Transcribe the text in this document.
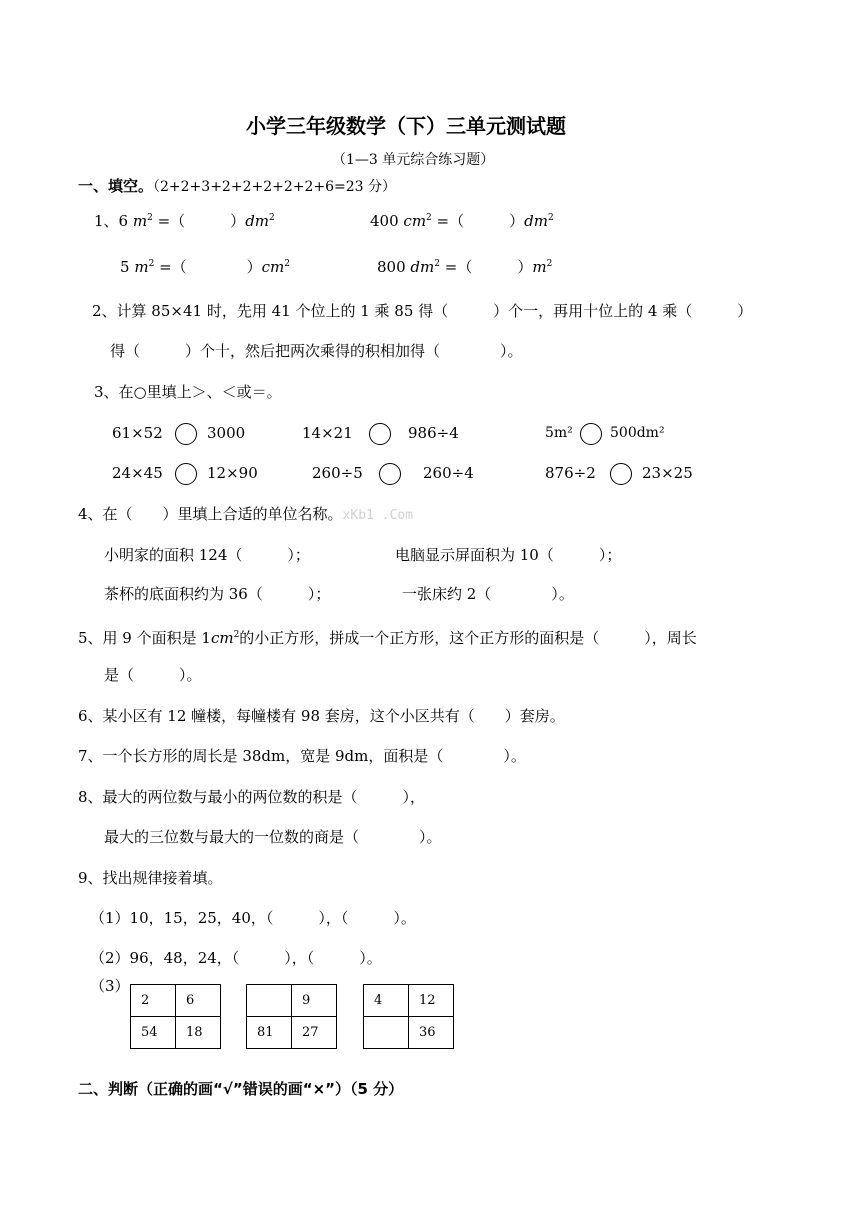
小学三年级数学（下）三单元测试题
（1—3 单元综合练习题）
一、填空。（2+2+3+2+2+2+2+2+6=23 分）
1、6 $m^2$ =（　　　）$dm^2$	400 $cm^2$ =（　　　）$dm^2$
5 $m^2$ =（　　　　）$cm^2$	800 $dm^2$ =（　　　）$m^2$
2、计算 85×41 时，先用 41 个位上的 1 乘 85 得（　　　）个一，再用十位上的 4 乘（　　　）
得（　　　）个十，然后把两次乘得的积相加得（　　　　）。
3、在○里填上＞、＜或＝。
61×52	3000	14×21	986÷4	5m²	500dm²
24×45	12×90	260÷5	260÷4	876÷2	23×25
4、在（　　）里填上合适的单位名称。xKb1 .Com
小明家的面积 124（　　　）；	电脑显示屏面积为 10（　　　）；
茶杯的底面积约为 36（　　　）；	一张床约 2（　　　　）。
5、用 9 个面积是 $1cm^2$的小正方形，拼成一个正方形，这个正方形的面积是（　　　），周长
是（　　　）。
6、某小区有 12 幢楼，每幢楼有 98 套房，这个小区共有（　　）套房。
7、一个长方形的周长是 38dm，宽是 9dm，面积是（　　　　）。
8、最大的两位数与最小的两位数的积是（　　　），
最大的三位数与最大的一位数的商是（　　　　）。
9、找出规律接着填。
（1）10，15，25，40，（　　　），（　　　）。
（2）96，48，24，（　　　），（　　　）。
（3）
2	6
54	18
	9
81	27
4	12
	36
二、判断（正确的画“√”错误的画“×”）（5 分）
